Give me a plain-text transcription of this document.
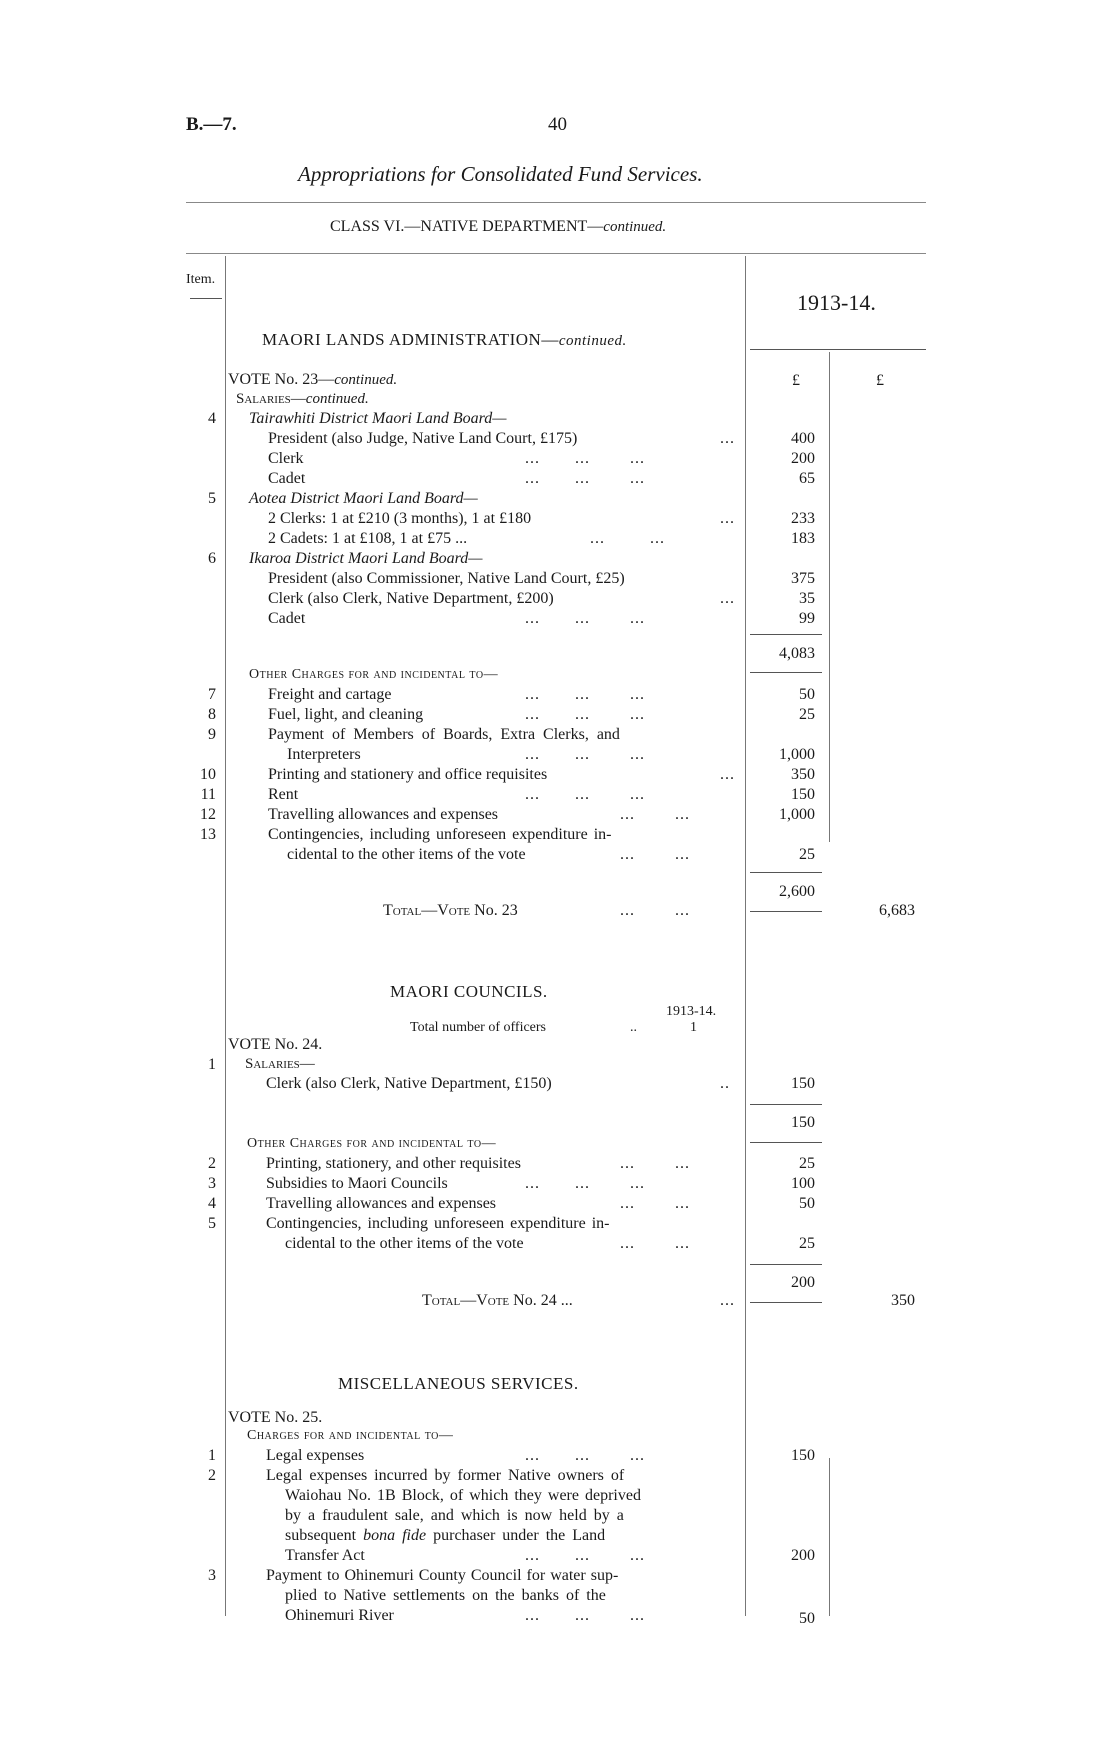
B.—7.	40
Appropriations for Consolidated Fund Services.
CLASS VI.—NATIVE DEPARTMENT—continued.
Item.
1913-14.
MAORI LANDS ADMINISTRATION—continued.
VOTE No. 23—continued.	£	£
Salaries—continued.
4 Tairawhiti District Maori Land Board—
President (also Judge, Native Land Court, £175)	...	400
Clerk	...       ...        ...	200
Cadet	...       ...        ...	65
5 Aotea District Maori Land Board—
2 Clerks: 1 at £210 (3 months), 1 at £180	...	233
2 Cadets: 1 at £108, 1 at £75 ...	...         ...	183
6 Ikaroa District Maori Land Board—
President (also Commissioner, Native Land Court, £25)	375
Clerk (also Clerk, Native Department, £200)	...	35
Cadet	...       ...        ...	99
4,083
Other Charges for and incidental to—
7	Freight and cartage	...       ...        ...	50
8	Fuel, light, and cleaning	...       ...        ...	25
9	Payment of Members of Boards, Extra Clerks, and
Interpreters	...       ...        ...	1,000
10	Printing and stationery and office requisites	...	350
11	Rent	...       ...        ...	150
12	Travelling allowances and expenses	...        ...	1,000
13	Contingencies, including unforeseen expenditure in-
cidental to the other items of the vote	...        ...	25
2,600
Total—Vote No. 23	...        ...	6,683
MAORI COUNCILS.
1913-14.
Total number of officers	..	1
VOTE No. 24.
1 Salaries—
Clerk (also Clerk, Native Department, £150)	..	150
150
Other Charges for and incidental to—
2	Printing, stationery, and other requisites	...        ...	25
3	Subsidies to Maori Councils	...       ...        ...	100
4	Travelling allowances and expenses	...        ...	50
5	Contingencies, including unforeseen expenditure in-
cidental to the other items of the vote	...        ...	25
200
Total—Vote No. 24 ...	...	350
MISCELLANEOUS SERVICES.
VOTE No. 25.
Charges for and incidental to—
1	Legal expenses	...       ...        ...	150
2	Legal expenses incurred by former Native owners of
Waiohau No. 1B Block, of which they were deprived
by a fraudulent sale, and which is now held by a
subsequent bona fide purchaser under the Land
Transfer Act	...       ...        ...	200
3	Payment to Ohinemuri County Council for water sup-
plied to Native settlements on the banks of the
Ohinemuri River	...       ...        ...	50
